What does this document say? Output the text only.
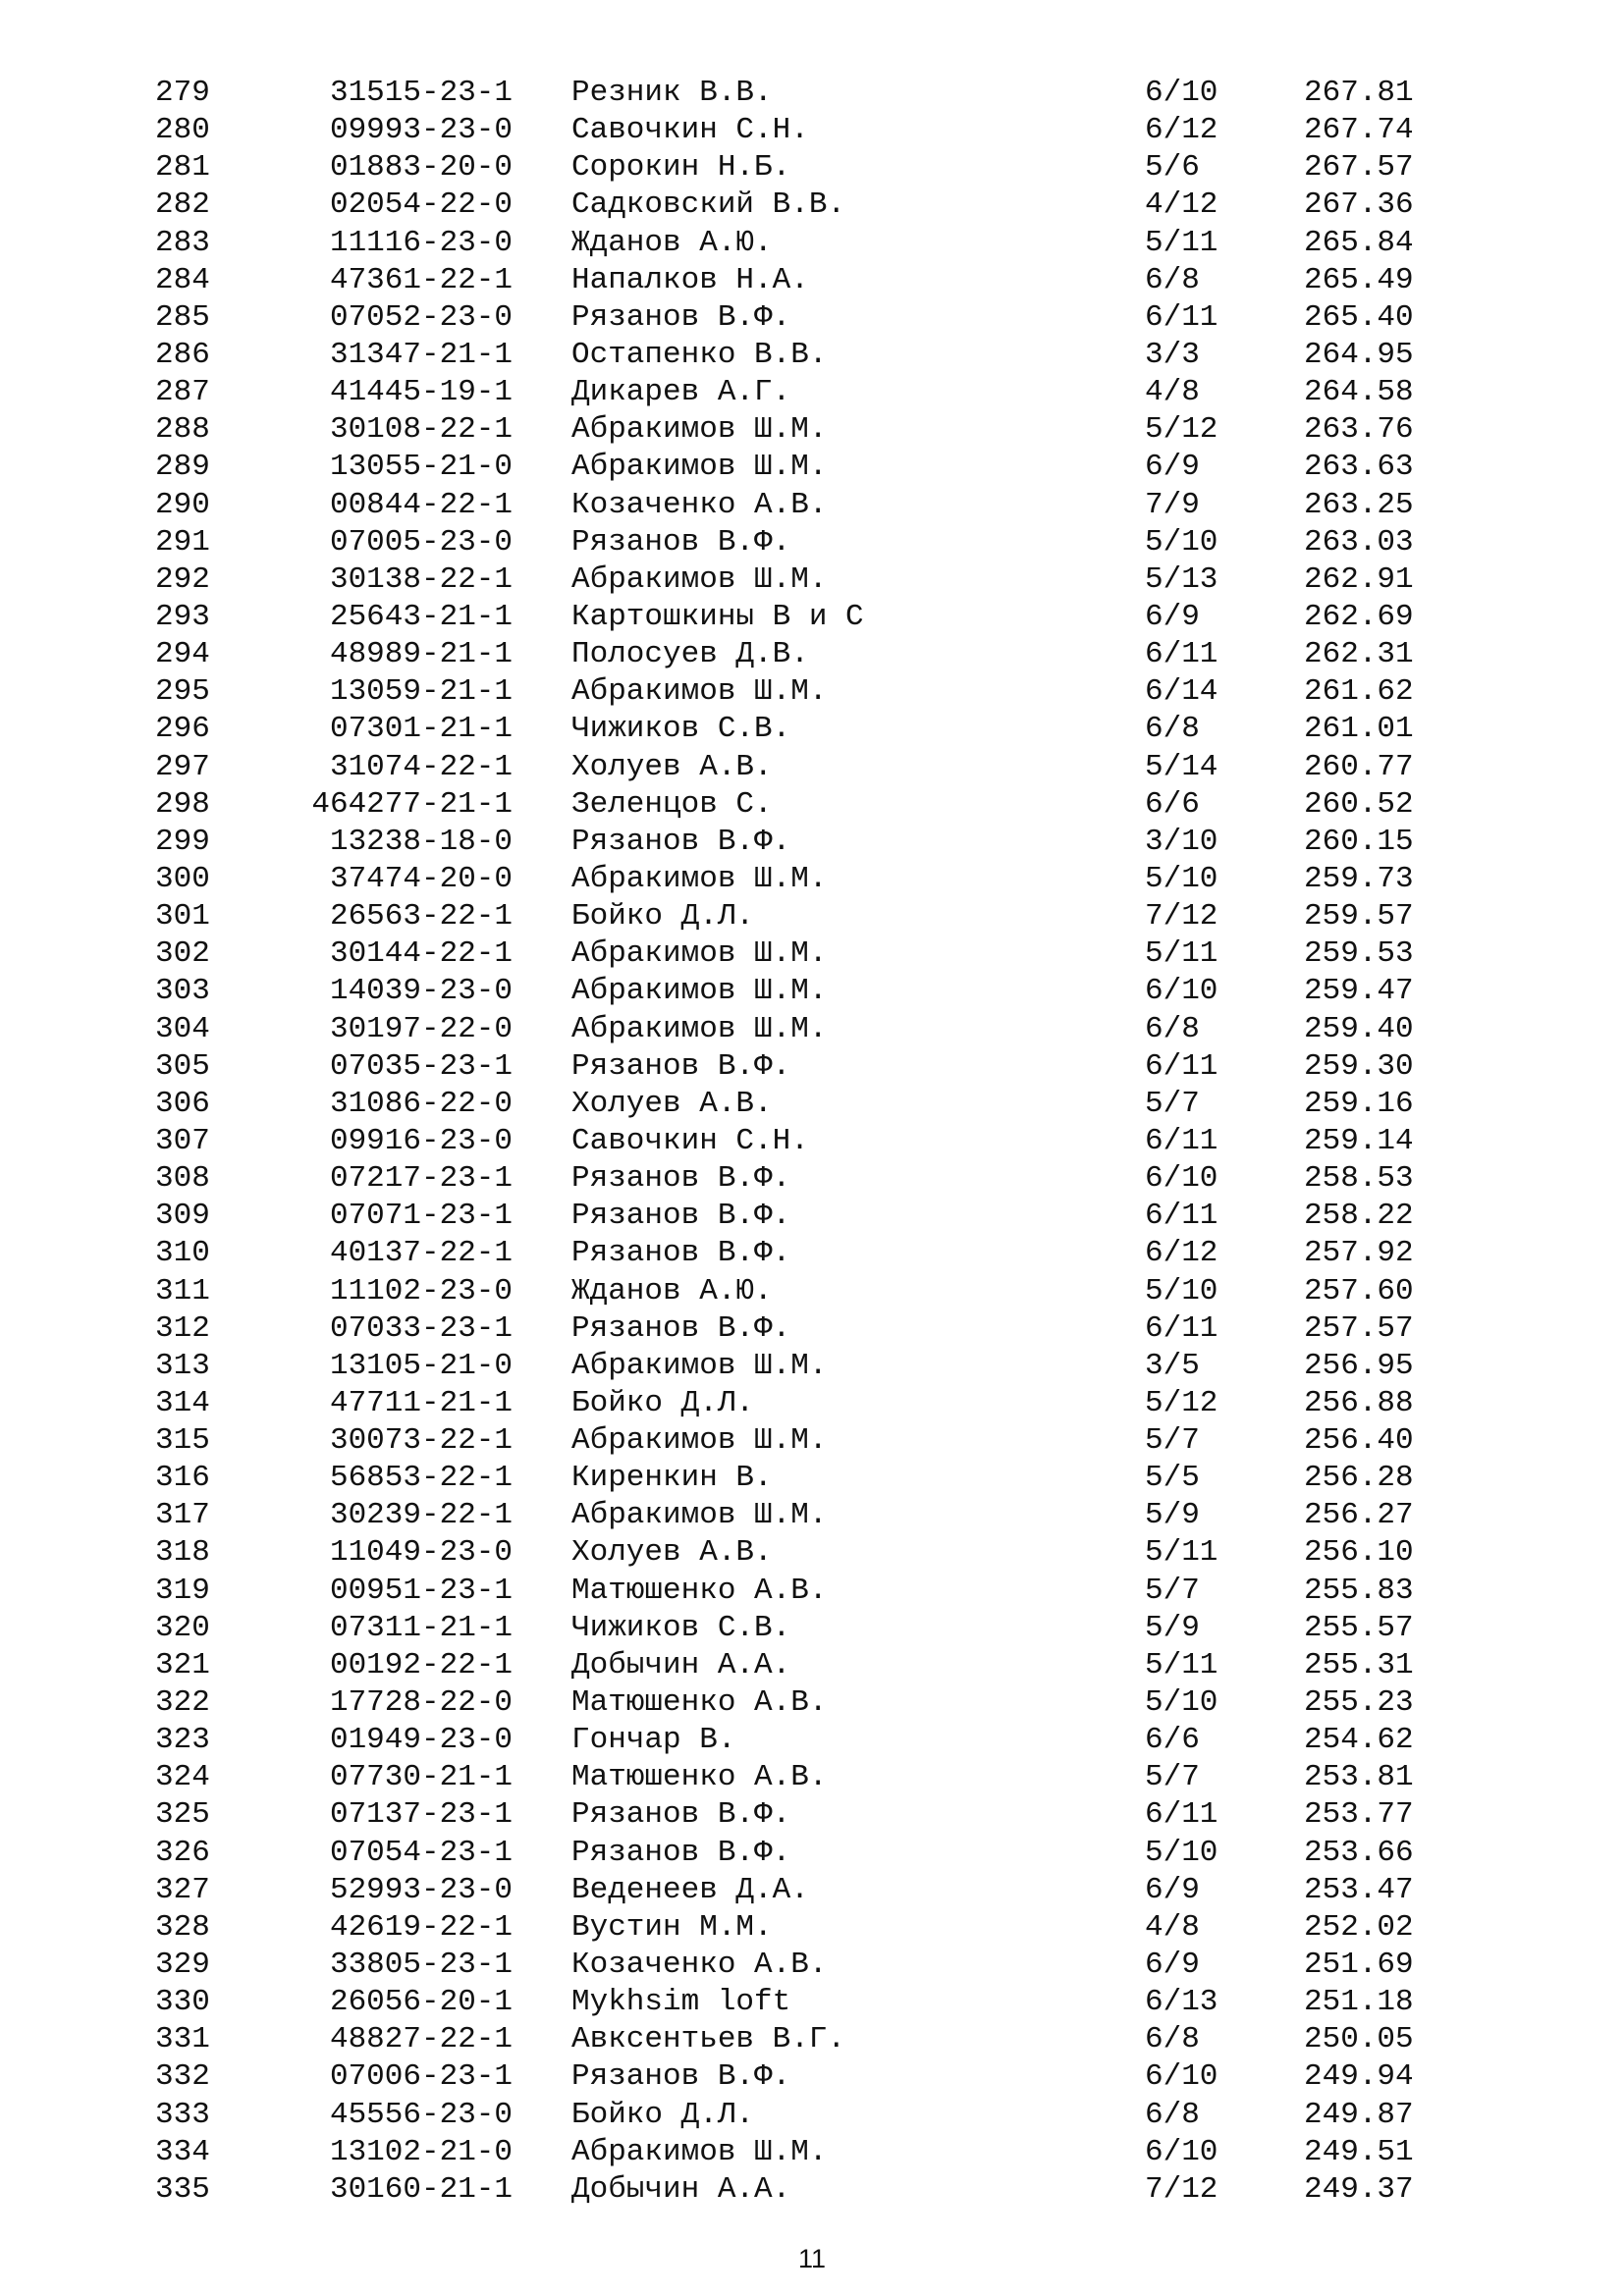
279	31515-23-1 Резник В.В.	6/10	267.81
280	09993-23-0 Савочкин С.Н.	6/12	267.74
281	01883-20-0 Сорокин Н.Б.	5/6	267.57
282	02054-22-0 Садковский В.В.	4/12	267.36
283	11116-23-0 Жданов А.Ю.	5/11	265.84
284	47361-22-1 Напалков Н.А.	6/8	265.49
285	07052-23-0 Рязанов В.Ф.	6/11	265.40
286	31347-21-1 Остапенко В.В.	3/3	264.95
287	41445-19-1 Дикарев А.Г.	4/8	264.58
288	30108-22-1 Абракимов Ш.М.	5/12	263.76
289	13055-21-0 Абракимов Ш.М.	6/9	263.63
290	00844-22-1 Козаченко А.В.	7/9	263.25
291	07005-23-0 Рязанов В.Ф.	5/10	263.03
292	30138-22-1 Абракимов Ш.М.	5/13	262.91
293	25643-21-1 Картошкины В и С	6/9	262.69
294	48989-21-1 Полосуев Д.В.	6/11	262.31
295	13059-21-1 Абракимов Ш.М.	6/14	261.62
296	07301-21-1 Чижиков С.В.	6/8	261.01
297	31074-22-1 Холуев А.В.	5/14	260.77
298	464277-21-1 Зеленцов С.	6/6	260.52
299	13238-18-0 Рязанов В.Ф.	3/10	260.15
300	37474-20-0 Абракимов Ш.М.	5/10	259.73
301	26563-22-1 Бойко Д.Л.	7/12	259.57
302	30144-22-1 Абракимов Ш.М.	5/11	259.53
303	14039-23-0 Абракимов Ш.М.	6/10	259.47
304	30197-22-0 Абракимов Ш.М.	6/8	259.40
305	07035-23-1 Рязанов В.Ф.	6/11	259.30
306	31086-22-0 Холуев А.В.	5/7	259.16
307	09916-23-0 Савочкин С.Н.	6/11	259.14
308	07217-23-1 Рязанов В.Ф.	6/10	258.53
309	07071-23-1 Рязанов В.Ф.	6/11	258.22
310	40137-22-1 Рязанов В.Ф.	6/12	257.92
311	11102-23-0 Жданов А.Ю.	5/10	257.60
312	07033-23-1 Рязанов В.Ф.	6/11	257.57
313	13105-21-0 Абракимов Ш.М.	3/5	256.95
314	47711-21-1 Бойко Д.Л.	5/12	256.88
315	30073-22-1 Абракимов Ш.М.	5/7	256.40
316	56853-22-1 Киренкин В.	5/5	256.28
317	30239-22-1 Абракимов Ш.М.	5/9	256.27
318	11049-23-0 Холуев А.В.	5/11	256.10
319	00951-23-1 Матюшенко А.В.	5/7	255.83
320	07311-21-1 Чижиков С.В.	5/9	255.57
321	00192-22-1 Добычин А.А.	5/11	255.31
322	17728-22-0 Матюшенко А.В.	5/10	255.23
323	01949-23-0 Гончар В.	6/6	254.62
324	07730-21-1 Матюшенко А.В.	5/7	253.81
325	07137-23-1 Рязанов В.Ф.	6/11	253.77
326	07054-23-1 Рязанов В.Ф.	5/10	253.66
327	52993-23-0 Веденеев Д.А.	6/9	253.47
328	42619-22-1 Вустин М.М.	4/8	252.02
329	33805-23-1 Козаченко А.В.	6/9	251.69
330	26056-20-1 Mykhsim loft	6/13	251.18
331	48827-22-1 Авксентьев В.Г.	6/8	250.05
332	07006-23-1 Рязанов В.Ф.	6/10	249.94
333	45556-23-0 Бойко Д.Л.	6/8	249.87
334	13102-21-0 Абракимов Ш.М.	6/10	249.51
335	30160-21-1 Добычин А.А.	7/12	249.37
11
